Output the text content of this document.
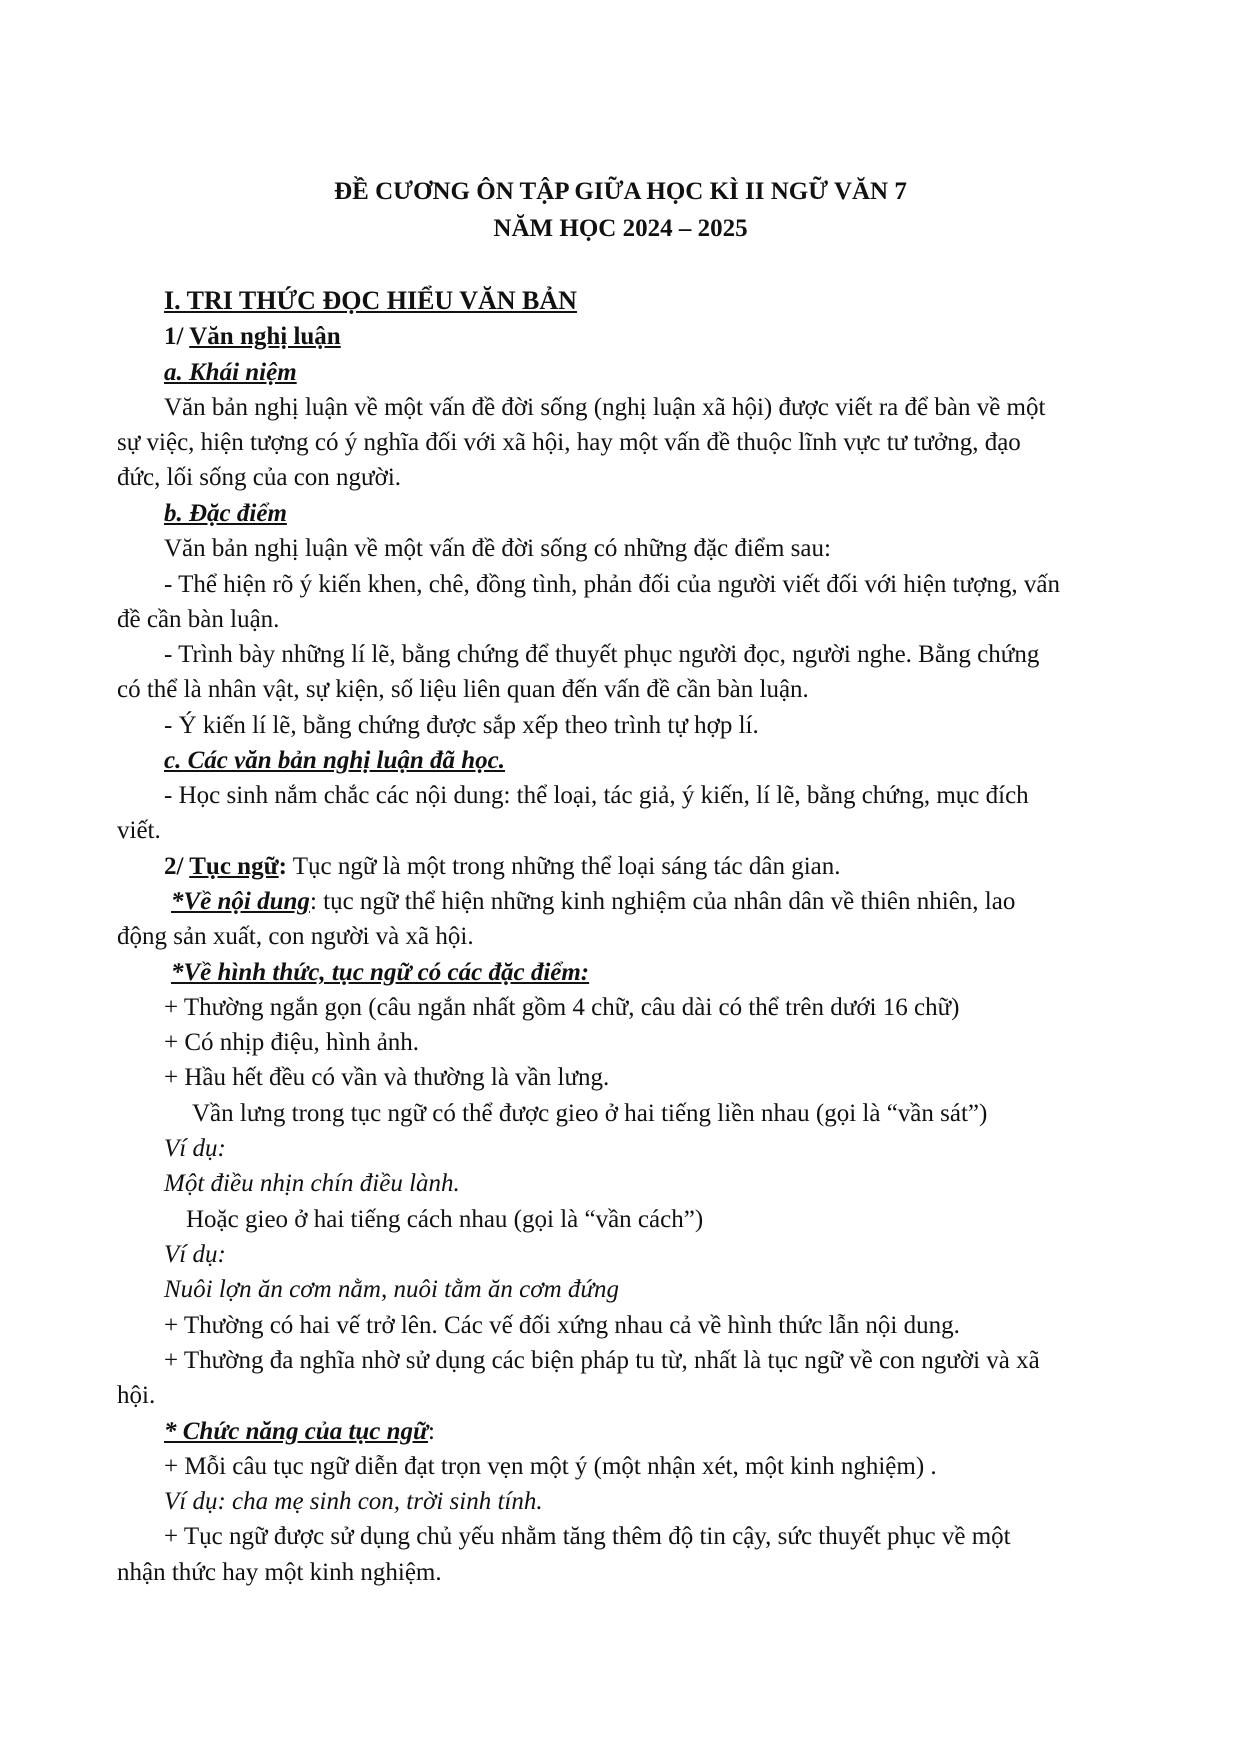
ĐỀ CƯƠNG ÔN TẬP GIỮA HỌC KÌ II NGỮ VĂN 7
NĂM HỌC 2024 – 2025
I. TRI THỨC ĐỌC HIỂU VĂN BẢN
1/ Văn nghị luận
a. Khái niệm
Văn bản nghị luận về một vấn đề đời sống (nghị luận xã hội) được viết ra để bàn về một
sự việc, hiện tượng có ý nghĩa đối với xã hội, hay một vấn đề thuộc lĩnh vực tư tưởng, đạo
đức, lối sống của con người.
b. Đặc điểm
Văn bản nghị luận về một vấn đề đời sống có những đặc điểm sau:
- Thể hiện rõ ý kiến khen, chê, đồng tình, phản đối của người viết đối với hiện tượng, vấn
đề cần bàn luận.
- Trình bày những lí lẽ, bằng chứng để thuyết phục người đọc, người nghe. Bằng chứng
có thể là nhân vật, sự kiện, số liệu liên quan đến vấn đề cần bàn luận.
- Ý kiến lí lẽ, bằng chứng được sắp xếp theo trình tự hợp lí.
c. Các văn bản nghị luận đã học.
- Học sinh nắm chắc các nội dung: thể loại, tác giả, ý kiến, lí lẽ, bằng chứng, mục đích
viết.
2/ Tục ngữ: Tục ngữ là một trong những thể loại sáng tác dân gian.
*Về nội dung: tục ngữ thể hiện những kinh nghiệm của nhân dân về thiên nhiên, lao
động sản xuất, con người và xã hội.
*Về hình thức, tục ngữ có các đặc điểm:
+ Thường ngắn gọn (câu ngắn nhất gồm 4 chữ, câu dài có thể trên dưới 16 chữ)
+ Có nhịp điệu, hình ảnh.
+ Hầu hết đều có vần và thường là vần lưng.
Vần lưng trong tục ngữ có thể được gieo ở hai tiếng liền nhau (gọi là “vần sát”)
Ví dụ:
Một điều nhịn chín điều lành.
Hoặc gieo ở hai tiếng cách nhau (gọi là “vần cách”)
Ví dụ:
Nuôi lợn ăn cơm nằm, nuôi tằm ăn cơm đứng
+ Thường có hai vế trở lên. Các vế đối xứng nhau cả về hình thức lẫn nội dung.
+ Thường đa nghĩa nhờ sử dụng các biện pháp tu từ, nhất là tục ngữ về con người và xã
hội.
* Chức năng của tục ngữ:
+ Mỗi câu tục ngữ diễn đạt trọn vẹn một ý (một nhận xét, một kinh nghiệm) .
Ví dụ: cha mẹ sinh con, trời sinh tính.
+ Tục ngữ được sử dụng chủ yếu nhằm tăng thêm độ tin cậy, sức thuyết phục về một
nhận thức hay một kinh nghiệm.
